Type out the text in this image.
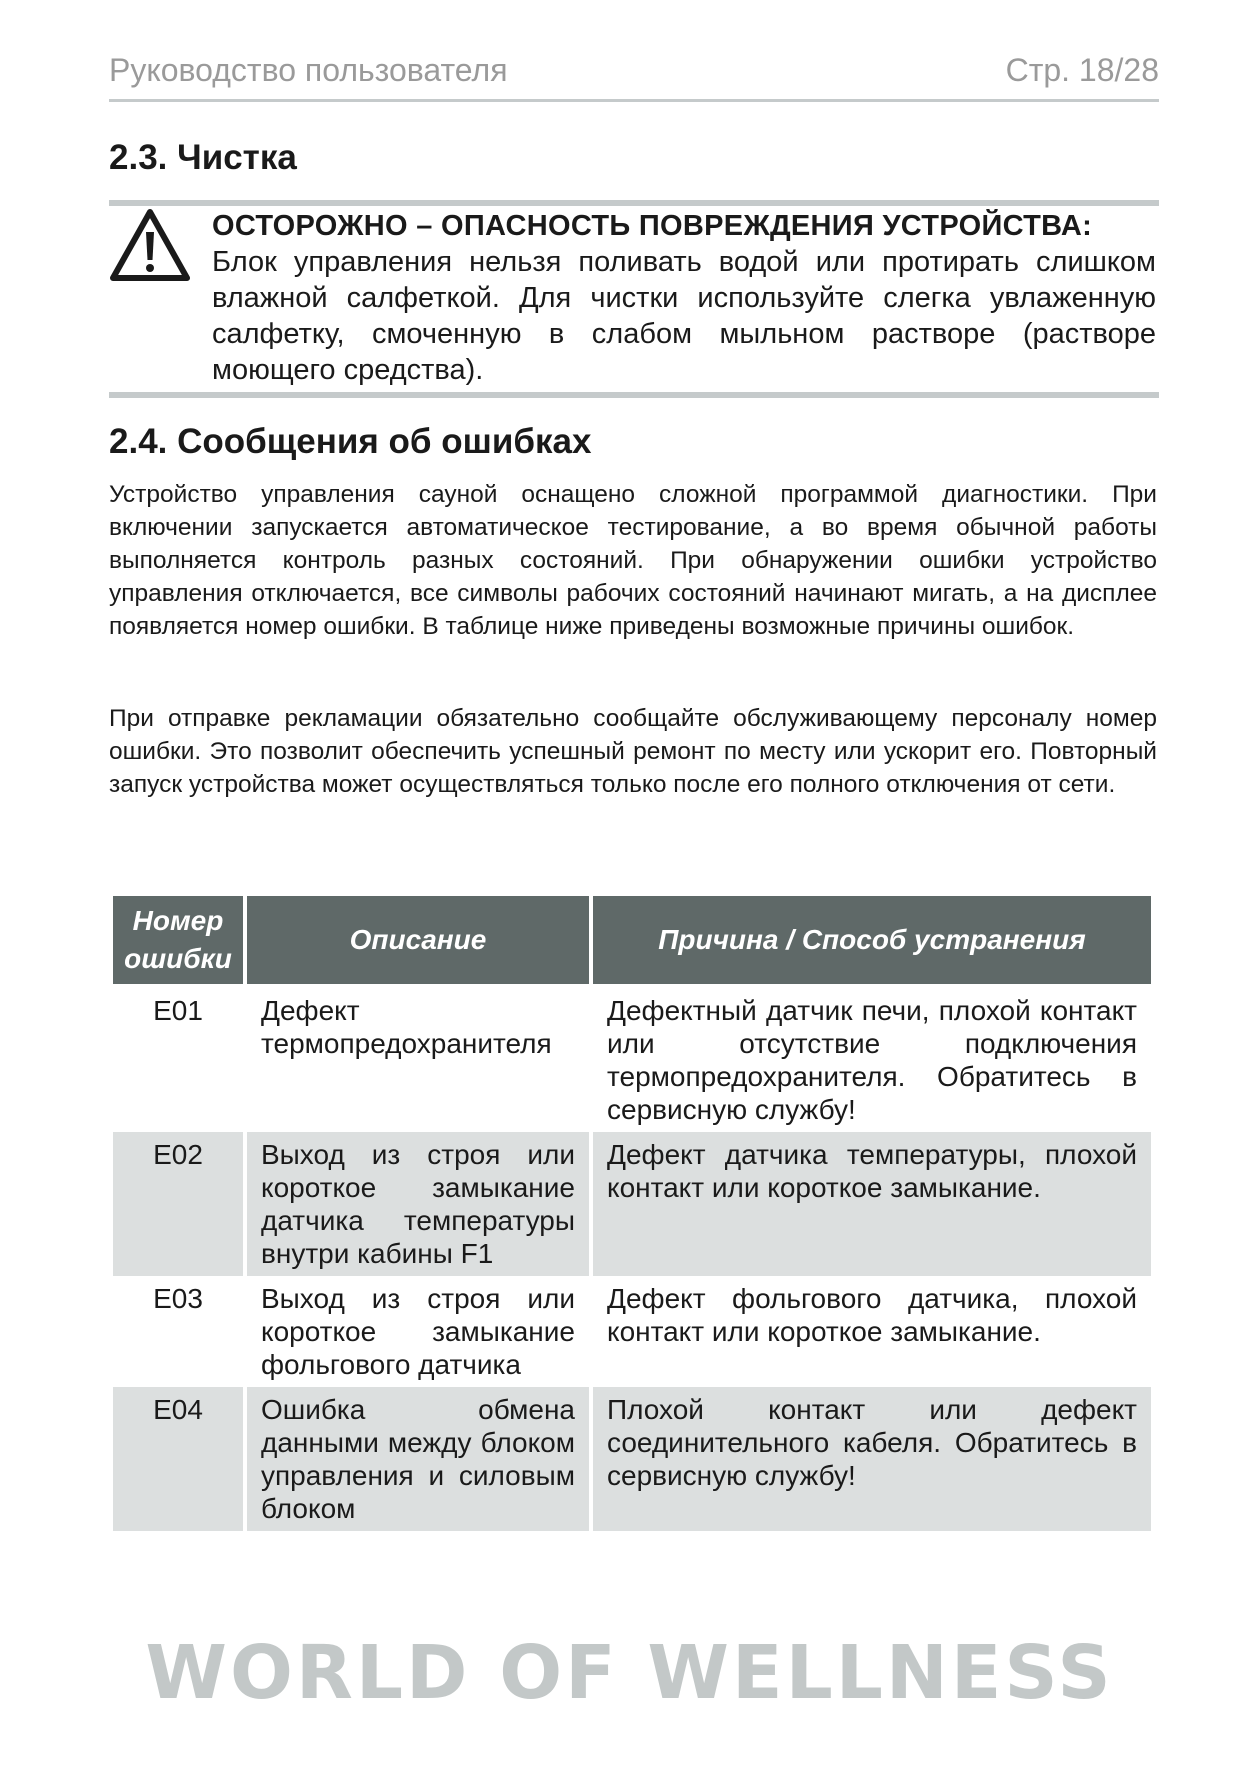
Руководство пользователя	Стр. 18/28
2.3. Чистка
ОСТОРОЖНО – ОПАСНОСТЬ ПОВРЕЖДЕНИЯ УСТРОЙСТВА:
Блок управления нельзя поливать водой или протирать слишком влажной салфеткой. Для чистки используйте слегка увлаженную салфетку, смоченную в слабом мыльном растворе (растворе моющего средства).
2.4. Сообщения об ошибках
Устройство управления сауной оснащено сложной программой диагностики. При включении запускается автоматическое тестирование, а во время обычной работы выполняется контроль разных состояний. При обнаружении ошибки устройство управления отключается, все символы рабочих состояний начинают мигать, а на дисплее появляется номер ошибки. В таблице ниже приведены возможные причины ошибок.
При отправке рекламации обязательно сообщайте обслуживающему персоналу номер ошибки. Это позволит обеспечить успешный ремонт по месту или ускорит его. Повторный запуск устройства может осуществляться только после его полного отключения от сети.
Номер ошибки	Описание	Причина / Способ устранения
E01	Дефект термопредохранителя	Дефектный датчик печи, плохой контакт или отсутствие подключения термопредохранителя. Обратитесь в сервисную службу!
E02	Выход из строя или короткое замыкание датчика температуры внутри кабины F1	Дефект датчика температуры, плохой контакт или короткое замыкание.
E03	Выход из строя или короткое замыкание фольгового датчика	Дефект фольгового датчика, плохой контакт или короткое замыкание.
E04	Ошибка обмена данными между блоком управления и силовым блоком	Плохой контакт или дефект соединительного кабеля. Обратитесь в сервисную службу!
WORLD OF WELLNESS
